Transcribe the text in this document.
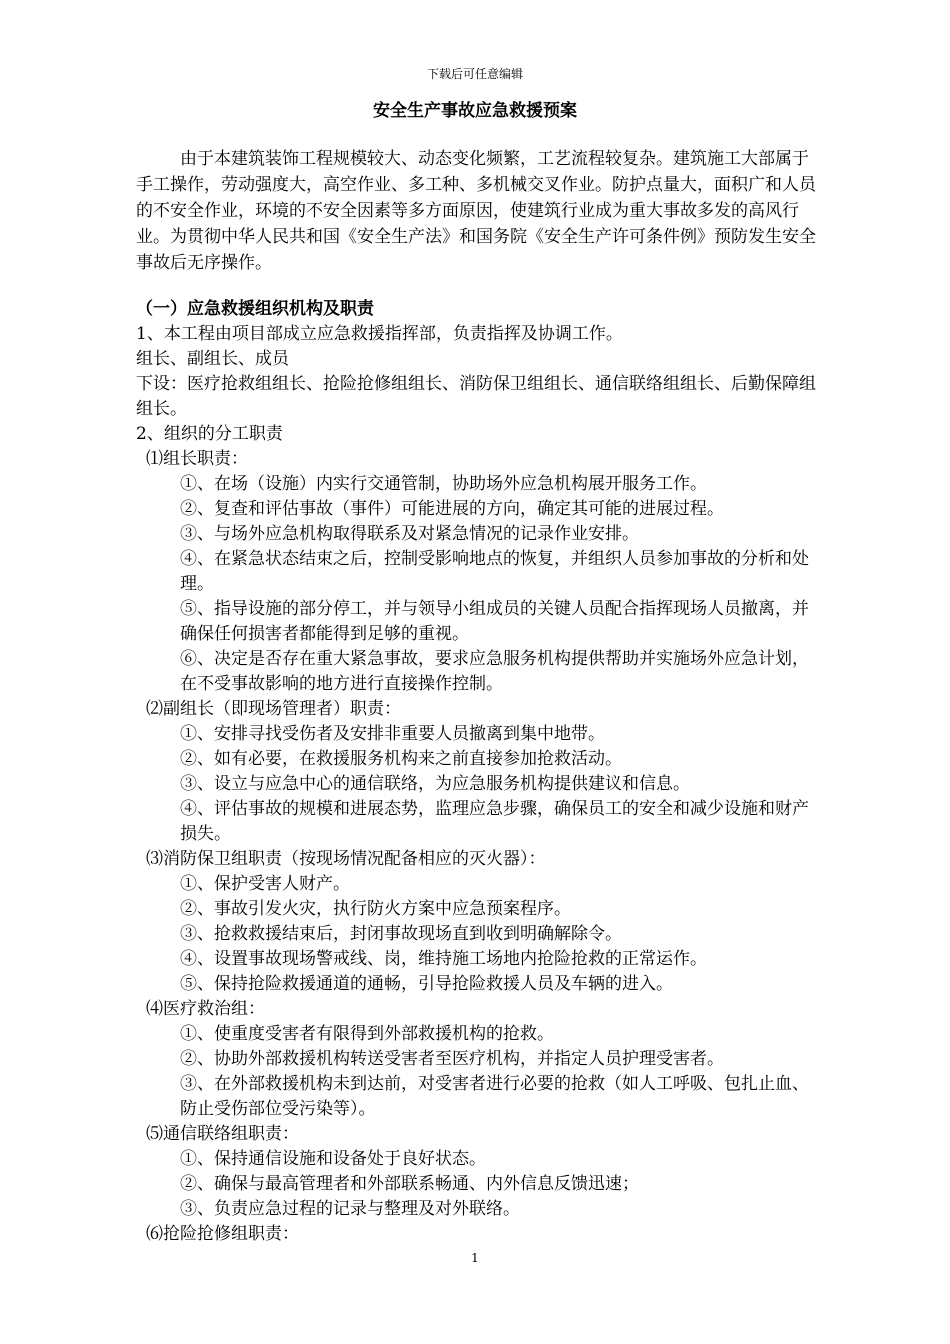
下载后可任意编辑
安全生产事故应急救援预案

由于本建筑装饰工程规模较大、动态变化频繁，工艺流程较复杂。建筑施工大部属于手工操作，劳动强度大，高空作业、多工种、多机械交叉作业。防护点量大，面积广和人员的不安全作业，环境的不安全因素等多方面原因，使建筑行业成为重大事故多发的高风行业。为贯彻中华人民共和国《安全生产法》和国务院《安全生产许可条件例》预防发生安全事故后无序操作。

（一）应急救援组织机构及职责

1、本工程由项目部成立应急救援指挥部，负责指挥及协调工作。

组长、副组长、成员

下设：医疗抢救组组长、抢险抢修组组长、消防保卫组组长、通信联络组组长、后勤保障组组长。

2、组织的分工职责

⑴组长职责：

①、在场（设施）内实行交通管制，协助场外应急机构展开服务工作。

②、复查和评估事故（事件）可能进展的方向，确定其可能的进展过程。

③、与场外应急机构取得联系及对紧急情况的记录作业安排。

④、在紧急状态结束之后，控制受影响地点的恢复，并组织人员参加事故的分析和处理。

⑤、指导设施的部分停工，并与领导小组成员的关键人员配合指挥现场人员撤离，并确保任何损害者都能得到足够的重视。

⑥、决定是否存在重大紧急事故，要求应急服务机构提供帮助并实施场外应急计划，在不受事故影响的地方进行直接操作控制。

⑵副组长（即现场管理者）职责：

①、安排寻找受伤者及安排非重要人员撤离到集中地带。

②、如有必要，在救援服务机构来之前直接参加抢救活动。

③、设立与应急中心的通信联络，为应急服务机构提供建议和信息。

④、评估事故的规模和进展态势，监理应急步骤，确保员工的安全和减少设施和财产损失。

⑶消防保卫组职责（按现场情况配备相应的灭火器）：

①、保护受害人财产。

②、事故引发火灾，执行防火方案中应急预案程序。

③、抢救救援结束后，封闭事故现场直到收到明确解除令。

④、设置事故现场警戒线、岗，维持施工场地内抢险抢救的正常运作。

⑤、保持抢险救援通道的通畅，引导抢险救援人员及车辆的进入。

⑷医疗救治组：

①、使重度受害者有限得到外部救援机构的抢救。

②、协助外部救援机构转送受害者至医疗机构，并指定人员护理受害者。

③、在外部救援机构未到达前，对受害者进行必要的抢救（如人工呼吸、包扎止血、防止受伤部位受污染等）。

⑸通信联络组职责：

①、保持通信设施和设备处于良好状态。

②、确保与最高管理者和外部联系畅通、内外信息反馈迅速；

③、负责应急过程的记录与整理及对外联络。

⑹抢险抢修组职责：

1
